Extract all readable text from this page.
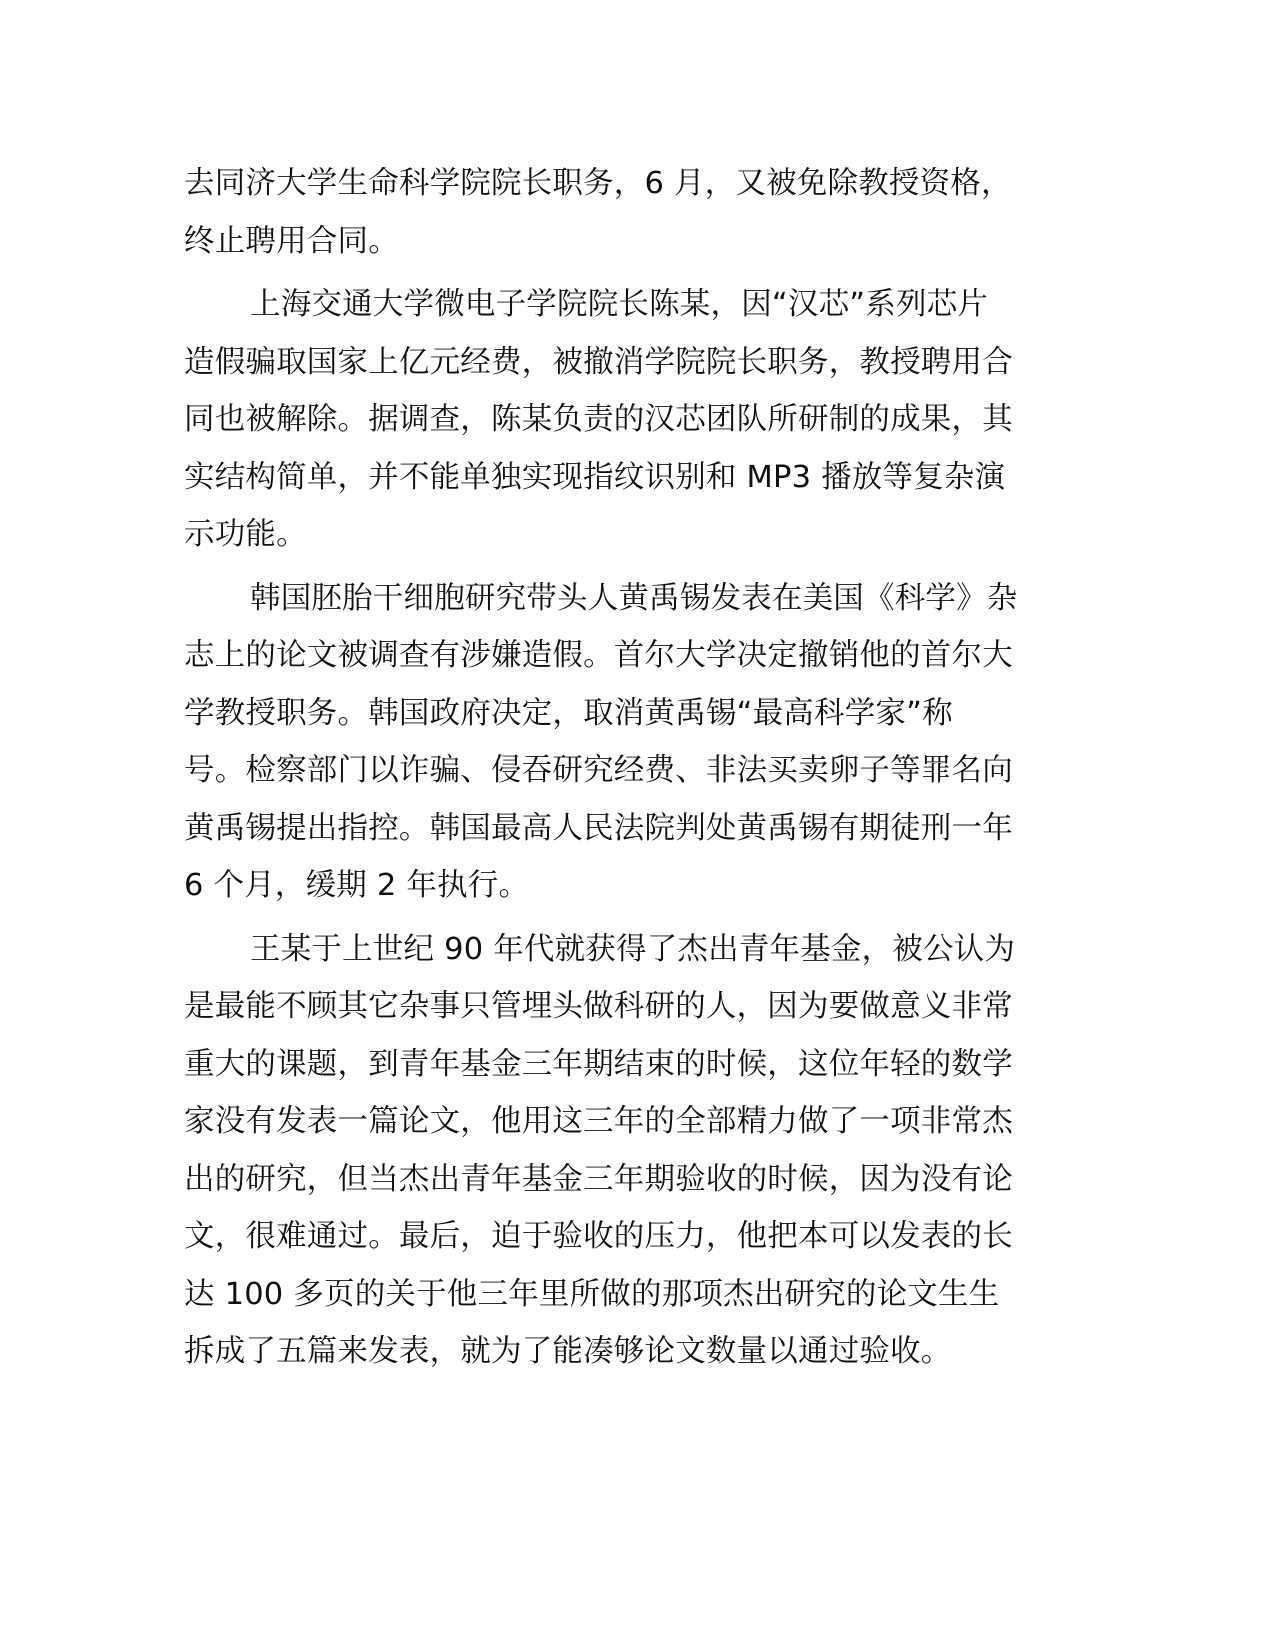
去同济大学生命科学院院长职务，6 月，又被免除教授资格，
终止聘用合同。
上海交通大学微电子学院院长陈某，因“汉芯”系列芯片
造假骗取国家上亿元经费，被撤消学院院长职务，教授聘用合
同也被解除。据调查，陈某负责的汉芯团队所研制的成果，其
实结构简单，并不能单独实现指纹识别和 MP3 播放等复杂演
示功能。
韩国胚胎干细胞研究带头人黄禹锡发表在美国《科学》杂
志上的论文被调查有涉嫌造假。首尔大学决定撤销他的首尔大
学教授职务。韩国政府决定，取消黄禹锡“最高科学家”称
号。检察部门以诈骗、侵吞研究经费、非法买卖卵子等罪名向
黄禹锡提出指控。韩国最高人民法院判处黄禹锡有期徒刑一年
6 个月，缓期 2 年执行。
王某于上世纪 90 年代就获得了杰出青年基金，被公认为
是最能不顾其它杂事只管埋头做科研的人，因为要做意义非常
重大的课题，到青年基金三年期结束的时候，这位年轻的数学
家没有发表一篇论文，他用这三年的全部精力做了一项非常杰
出的研究，但当杰出青年基金三年期验收的时候，因为没有论
文，很难通过。最后，迫于验收的压力，他把本可以发表的长
达 100 多页的关于他三年里所做的那项杰出研究的论文生生
拆成了五篇来发表，就为了能凑够论文数量以通过验收。
